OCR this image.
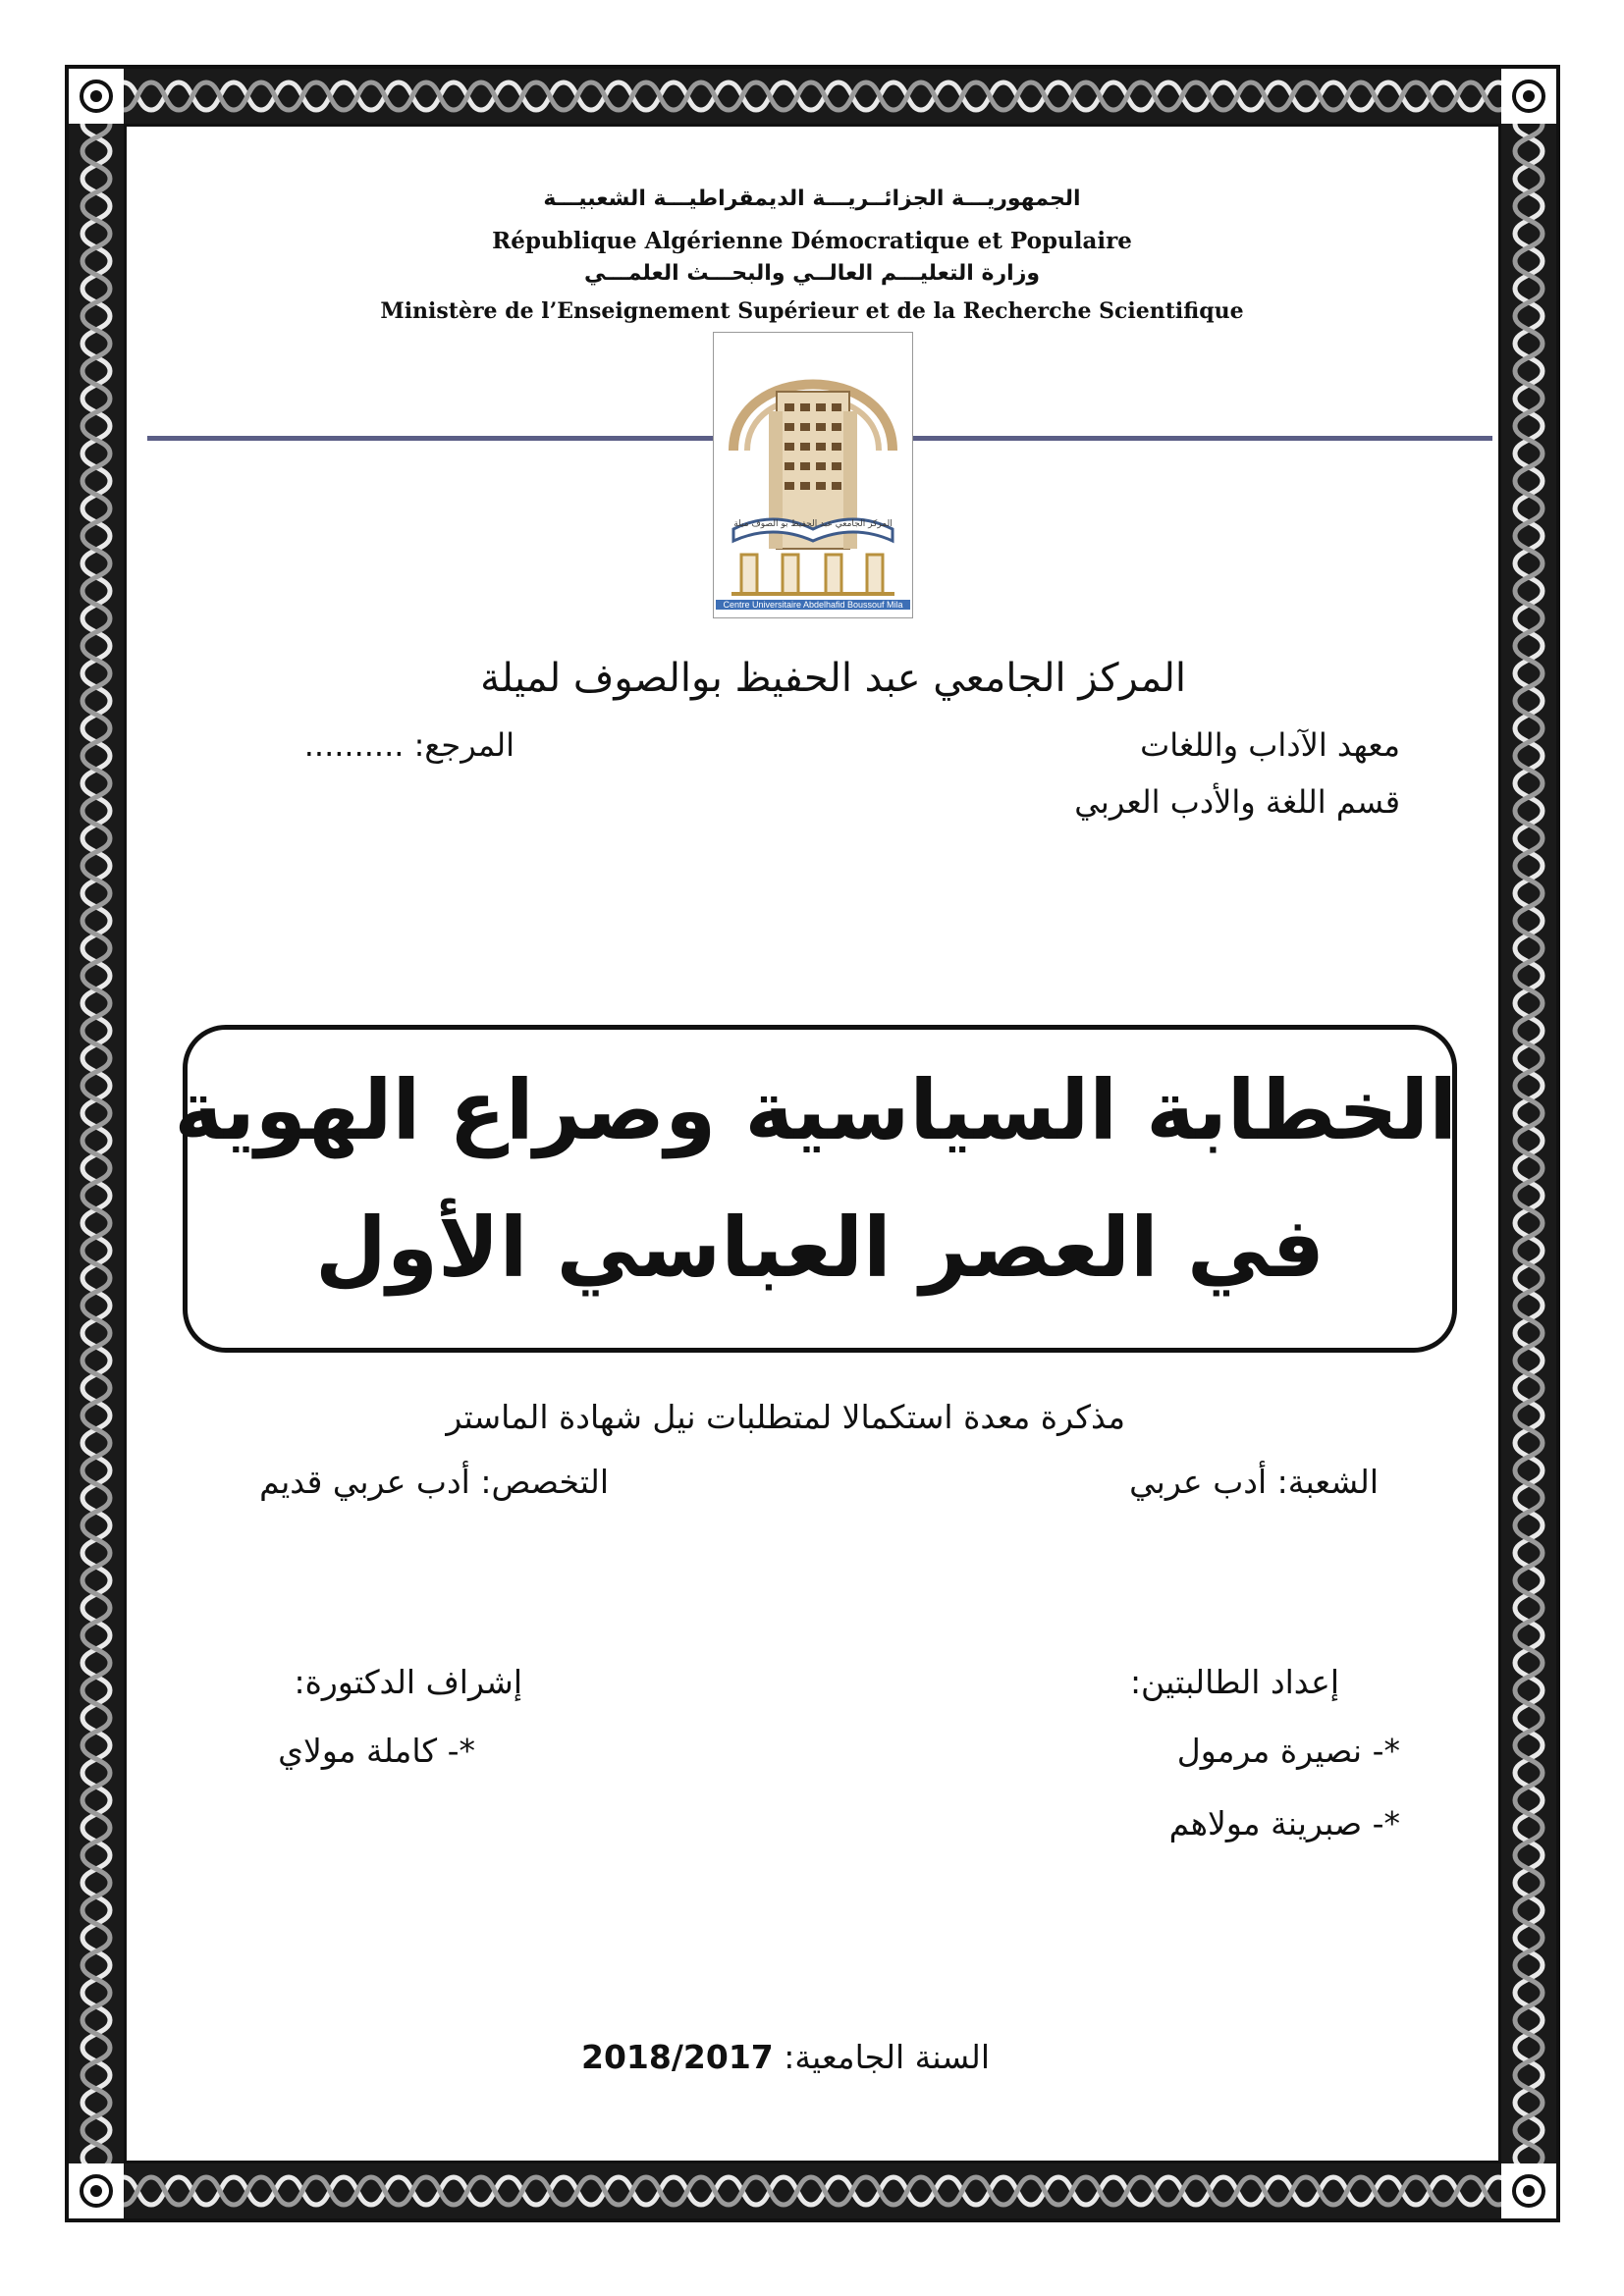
الجمهوريـــة الجزائــريـــة الديمقراطيـــة الشعبيـــة
République Algérienne Démocratique et Populaire
وزارة التعليـــم العالــي والبحـــث العلمـــي
Ministère de l’Enseignement Supérieur et de la Recherche Scientifique
المركز الجامعي عبد الحفيظ بو الصوف ميلة
Centre Universitaire Abdelhafid Boussouf Mila
المركز الجامعي عبد الحفيظ بوالصوف لميلة
معهد الآداب واللغات
المرجع: ..........
قسم اللغة والأدب العربي
الخطابة السياسية وصراع الهوية
في العصر العباسي الأول
مذكرة معدة استكمالا لمتطلبات نيل شهادة الماستر
الشعبة: أدب عربي
التخصص: أدب عربي قديم
إعداد الطالبتين:
*- نصيرة مرمول
*- صبرينة مولاهم
إشراف الدكتورة:
*- كاملة مولاي
السنة الجامعية: 2018/2017
